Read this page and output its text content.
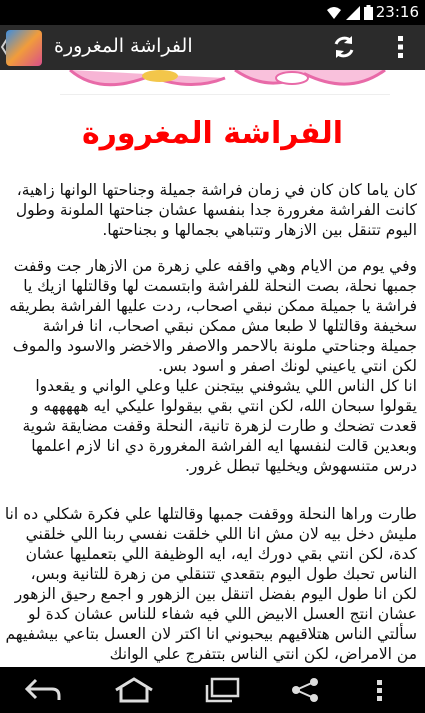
23:16
الفراشة المغرورة
الفراشة المغرورة
كان ياما كان كان في زمان فراشة جميلة وجناحتها الوانها زاهية، كانت الفراشة مغرورة جدا بنفسها عشان جناحتها الملونة وطول اليوم تتنقل بين الازهار وتتباهي بجمالها و بجناحتها.
وفي يوم من الايام وهي واقفه علي زهرة من الازهار جت وقفت جمبها نحلة، بصت النحلة للفراشة وابتسمت لها وقالتلها ازيك يا فراشة يا جميلة ممكن نبقي اصحاب، ردت عليها الفراشة بطريقه سخيفة وقالتلها لا طبعا مش ممكن نبقي اصحاب، انا فراشة جميلة وجناحتي ملونة بالاحمر والاصفر والاخضر والاسود والموف لكن انتي ياعيني لونك اصفر و اسود بس.
انا كل الناس اللي يشوفني بيتجنن عليا وعلي الواني و يقعدوا يقولوا سبحان الله، لكن انتي بقي بيقولوا عليكي ايه هههههه و قعدت تضحك و طارت لزهرة تانية، النحلة وقفت مضايقة شوية وبعدين قالت لنفسها ايه الفراشة المغرورة دي انا لازم اعلمها درس متنسهوش ويخليها تبطل غرور.
طارت وراها النحلة ووقفت جمبها وقالتلها علي فكرة شكلي ده انا مليش دخل بيه لان مش انا اللي خلقت نفسي ربنا اللي خلقني كدة، لكن انتي بقي دورك ايه، ايه الوظيفة اللي بتعمليها عشان الناس تحبك طول اليوم بتقعدي تتنقلي من زهرة للتانية وبس، لكن انا طول اليوم بفضل اتنقل بين الزهور و اجمع رحيق الزهور عشان انتج العسل الابيض اللي فيه شفاء للناس عشان كدة لو سألتي الناس هتلاقيهم بيحبوني انا اكتر لان العسل بتاعي بيشفيهم من الامراض، لكن انتي الناس بتتفرج علي الوانك
